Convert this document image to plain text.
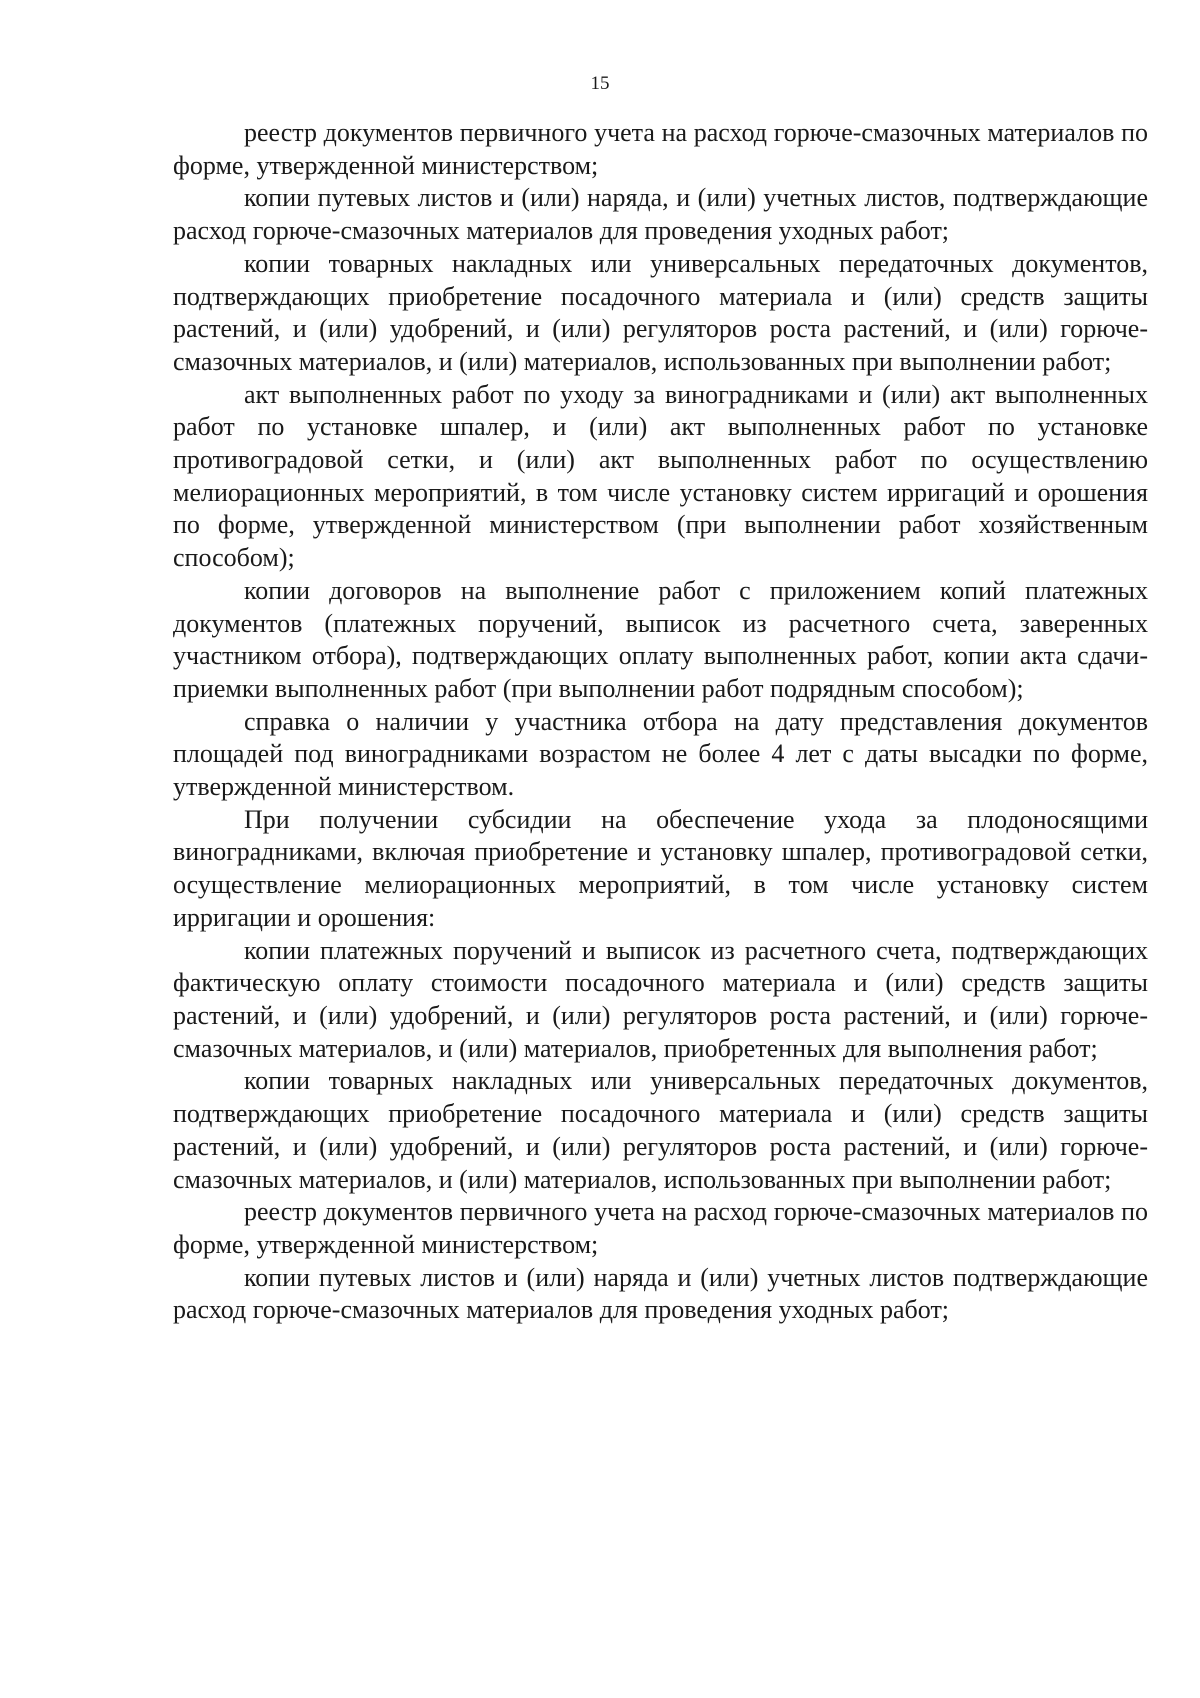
15

реестр документов первичного учета на расход горюче-смазочных материалов по форме, утвержденной министерством;

копии путевых листов и (или) наряда, и (или) учетных листов, подтверждающие расход горюче-смазочных материалов для проведения уходных работ;

копии товарных накладных или универсальных передаточных документов, подтверждающих приобретение посадочного материала и (или) средств защиты растений, и (или) удобрений, и (или) регуляторов роста растений, и (или) горюче-смазочных материалов, и (или) материалов, использованных при выполнении работ;

акт выполненных работ по уходу за виноградниками и (или) акт выполненных работ по установке шпалер, и (или) акт выполненных работ по установке противоградовой сетки, и (или) акт выполненных работ по осуществлению мелиорационных мероприятий, в том числе установку систем ирригаций и орошения по форме, утвержденной министерством (при выполнении работ хозяйственным способом);

копии договоров на выполнение работ с приложением копий платежных документов (платежных поручений, выписок из расчетного счета, заверенных участником отбора), подтверждающих оплату выполненных работ, копии акта сдачи-приемки выполненных работ (при выполнении работ подрядным способом);

справка о наличии у участника отбора на дату представления документов площадей под виноградниками возрастом не более 4 лет с даты высадки по форме, утвержденной министерством.

При получении субсидии на обеспечение ухода за плодоносящими виноградниками, включая приобретение и установку шпалер, противоградовой сетки, осуществление мелиорационных мероприятий, в том числе установку систем ирригации и орошения:

копии платежных поручений и выписок из расчетного счета, подтверждающих фактическую оплату стоимости посадочного материала и (или) средств защиты растений, и (или) удобрений, и (или) регуляторов роста растений, и (или) горюче-смазочных материалов, и (или) материалов, приобретенных для выполнения работ;

копии товарных накладных или универсальных передаточных документов, подтверждающих приобретение посадочного материала и (или) средств защиты растений, и (или) удобрений, и (или) регуляторов роста растений, и (или) горюче-смазочных материалов, и (или) материалов, использованных при выполнении работ;

реестр документов первичного учета на расход горюче-смазочных материалов по форме, утвержденной министерством;

копии путевых листов и (или) наряда и (или) учетных листов подтверждающие расход горюче-смазочных материалов для проведения уходных работ;
